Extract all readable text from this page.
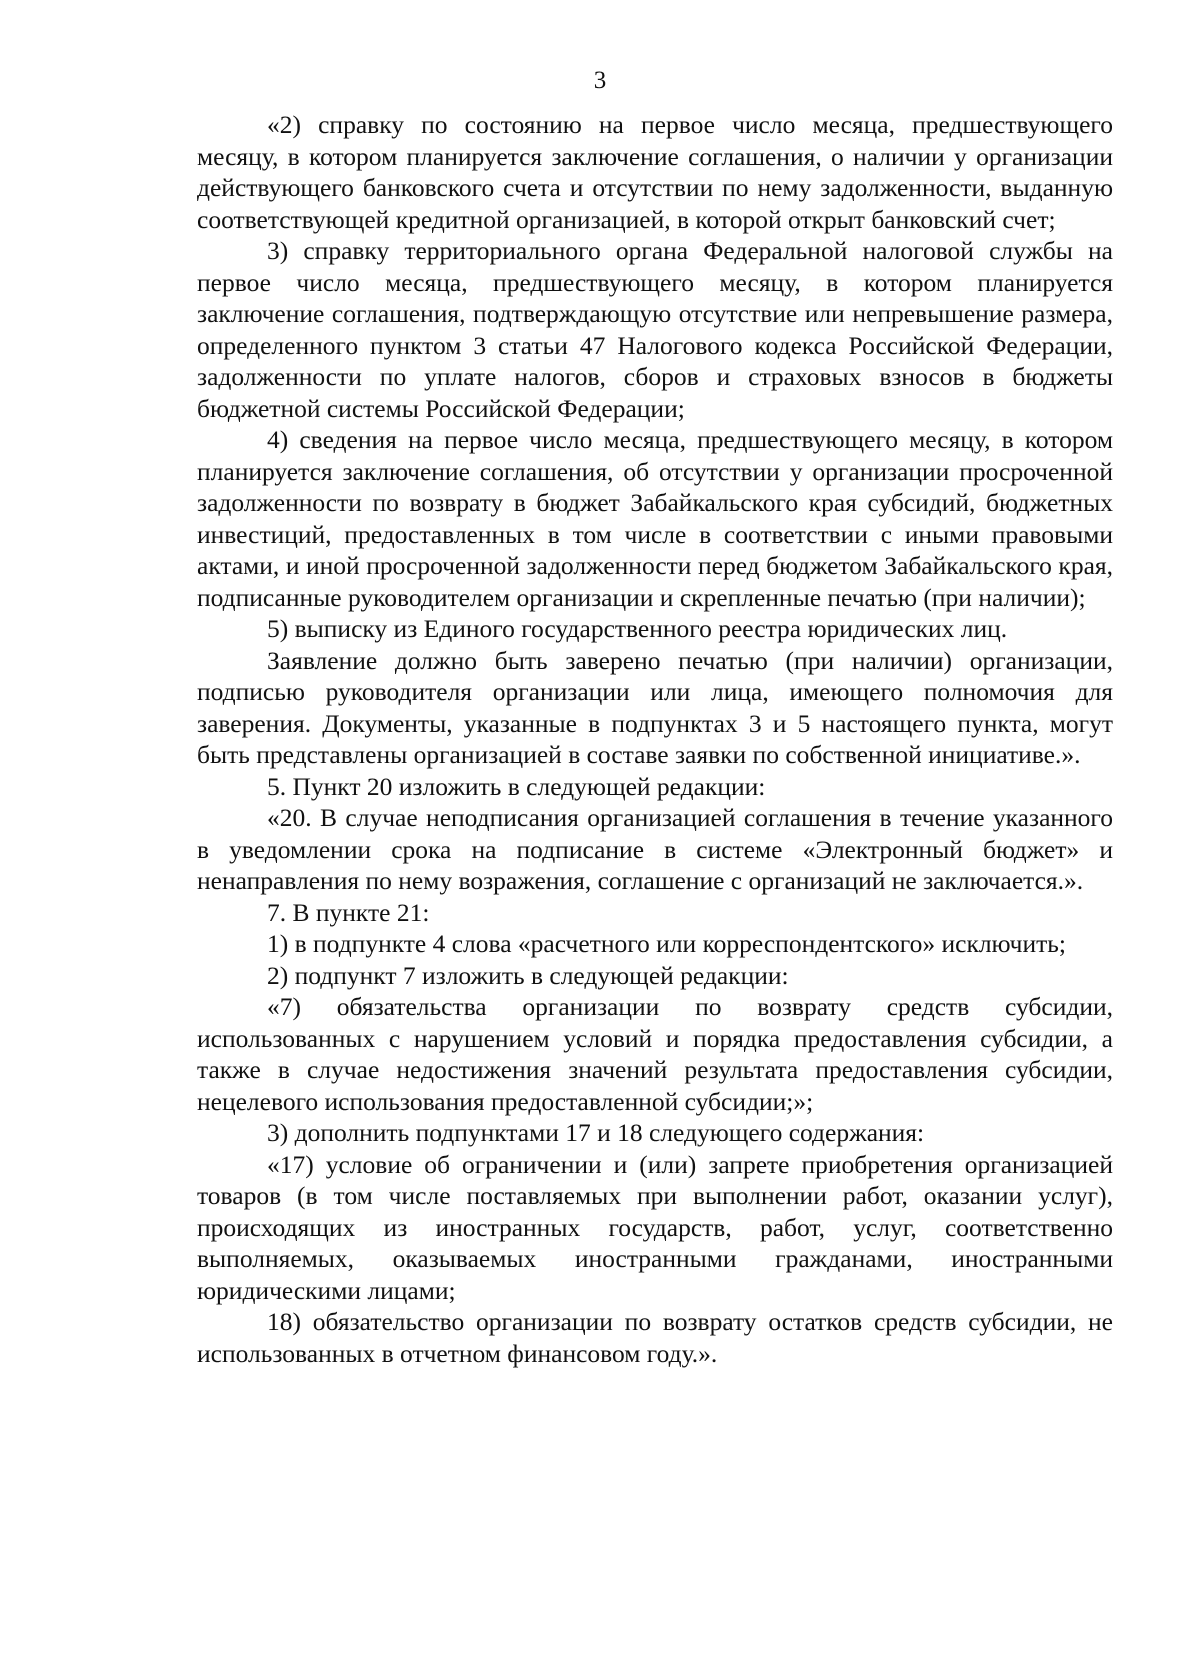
3

«2) справку по состоянию на первое число месяца, предшествующего месяцу, в котором планируется заключение соглашения, о наличии у организации действующего банковского счета и отсутствии по нему задолженности, выданную соответствующей кредитной организацией, в которой открыт банковский счет;

3) справку территориального органа Федеральной налоговой службы на первое число месяца, предшествующего месяцу, в котором планируется заключение соглашения, подтверждающую отсутствие или непревышение размера, определенного пунктом 3 статьи 47 Налогового кодекса Российской Федерации, задолженности по уплате налогов, сборов и страховых взносов в бюджеты бюджетной системы Российской Федерации;

4) сведения на первое число месяца, предшествующего месяцу, в котором планируется заключение соглашения, об отсутствии у организации просроченной задолженности по возврату в бюджет Забайкальского края субсидий, бюджетных инвестиций, предоставленных в том числе в соответствии с иными правовыми актами, и иной просроченной задолженности перед бюджетом Забайкальского края, подписанные руководителем организации и скрепленные печатью (при наличии);

5) выписку из Единого государственного реестра юридических лиц.

Заявление должно быть заверено печатью (при наличии) организации, подписью руководителя организации или лица, имеющего полномочия для заверения. Документы, указанные в подпунктах 3 и 5 настоящего пункта, могут быть представлены организацией в составе заявки по собственной инициативе.».

5. Пункт 20 изложить в следующей редакции:

«20. В случае неподписания организацией соглашения в течение указанного в уведомлении срока на подписание в системе «Электронный бюджет» и ненаправления по нему возражения, соглашение с организаций не заключается.».

7. В пункте 21:

1) в подпункте 4 слова «расчетного или корреспондентского» исключить;

2) подпункт 7 изложить в следующей редакции:

«7) обязательства организации по возврату средств субсидии, использованных с нарушением условий и порядка предоставления субсидии, а также в случае недостижения значений результата предоставления субсидии, нецелевого использования предоставленной субсидии;»;

3) дополнить подпунктами 17 и 18 следующего содержания:

«17) условие об ограничении и (или) запрете приобретения организацией товаров (в том числе поставляемых при выполнении работ, оказании услуг), происходящих из иностранных государств, работ, услуг, соответственно выполняемых, оказываемых иностранными гражданами, иностранными юридическими лицами;

18) обязательство организации по возврату остатков средств субсидии, не использованных в отчетном финансовом году.».
